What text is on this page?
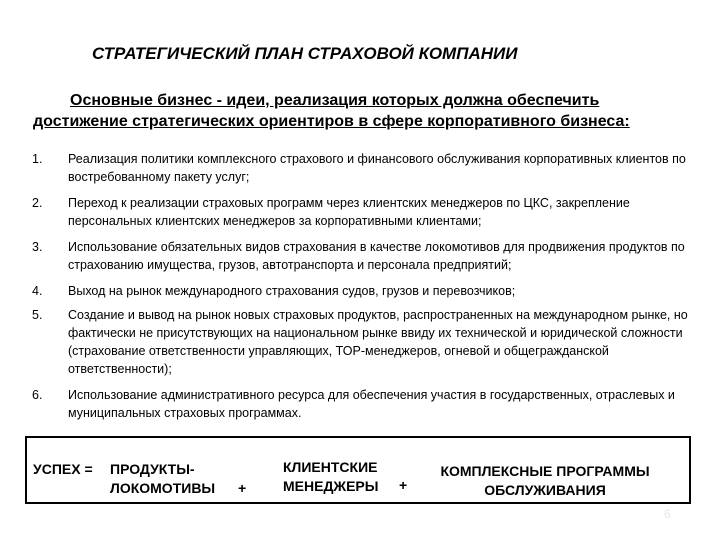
СТРАТЕГИЧЕСКИЙ ПЛАН СТРАХОВОЙ КОМПАНИИ
Основные бизнес - идеи, реализация которых должна обеспечить
достижение стратегических ориентиров в сфере корпоративного бизнеса:
1.	Реализация политики комплексного страхового и финансового обслуживания корпоративных клиентов по востребованному пакету услуг;
2.	Переход к реализации страховых программ через клиентских менеджеров по ЦКС, закрепление персональных клиентских менеджеров за корпоративными клиентами;
3.	Использование обязательных видов страхования в качестве локомотивов для продвижения продуктов по страхованию имущества, грузов, автотранспорта и персонала предприятий;
4.	Выход на рынок международного страхования судов, грузов и перевозчиков;
5.	Создание и вывод на рынок новых страховых продуктов, распространенных на международном рынке, но фактически не присутствующих на национальном рынке ввиду их технической и юридической сложности (страхование ответственности управляющих, ТОР-менеджеров, огневой и общегражданской ответственности);
6.	Использование административного ресурса для обеспечения участия в государственных, отраслевых и муниципальных страховых программах.
УСПЕХ = ПРОДУКТЫ-
ЛОКОМОТИВЫ +
КЛИЕНТСКИЕ
МЕНЕДЖЕРЫ +
КОМПЛЕКСНЫЕ ПРОГРАММЫ
ОБСЛУЖИВАНИЯ
6
